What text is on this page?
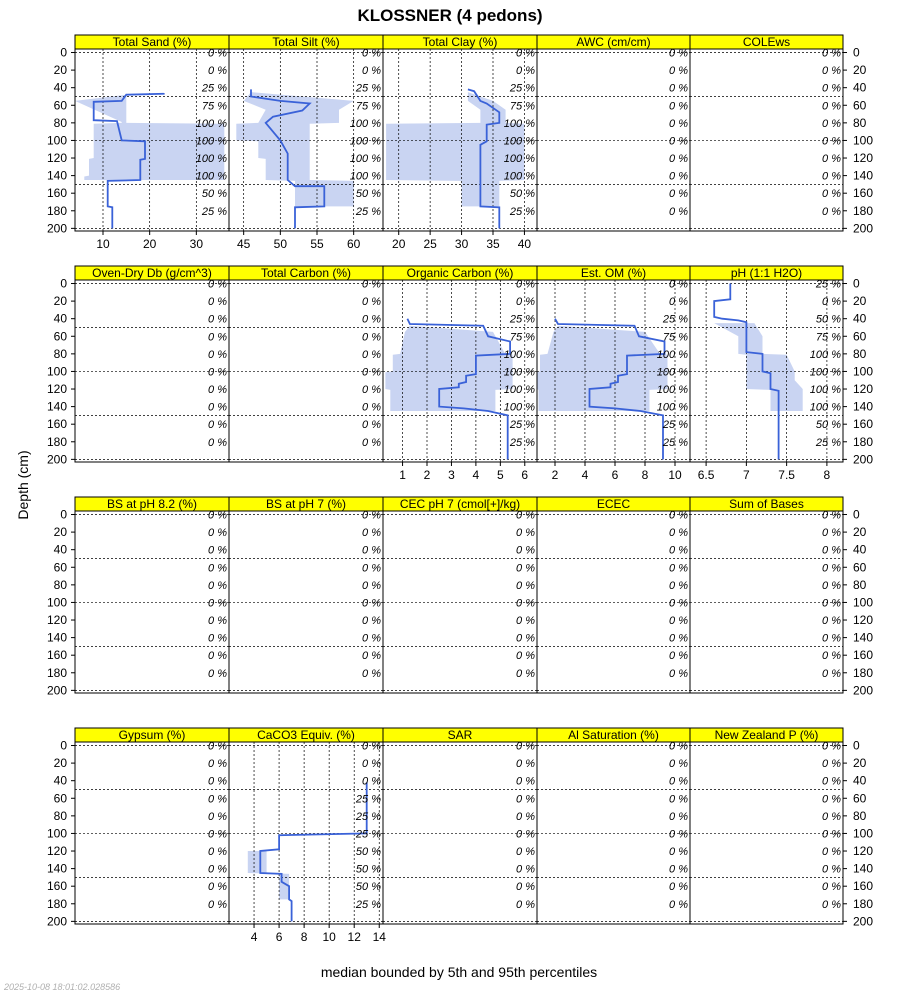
KLOSSNER (4 pedons)
Depth (cm)
median bounded by 5th and 95th percentiles
2025-10-08 18:01:02.028586
Total Sand (%)
0 %
0 %
25 %
75 %
100 %
100 %
100 %
100 %
50 %
25 %
10	20	30
0
20
40
60
80
100
120
140
160
180
200
Total Silt (%)
0 %
0 %
25 %
75 %
100 %
100 %
100 %
100 %
50 %
25 %
45 50 55 60
Total Clay (%)
0 %
0 %
25 %
75 %
100 %
100 %
100 %
100 %
50 %
25 %
20 25 30 35 40
AWC (cm/cm)
0 %
0 %
0 %
0 %
0 %
0 %
0 %
0 %
0 %
0 %
COLEws
0 %
0 %
0 %
0 %
0 %
0 %
0 %
0 %
0 %
0 %
0
20
40
60
80
100
120
140
160
180
200
Oven-Dry Db (g/cm^3)
0 %
0 %
0 %
0 %
0 %
0 %
0 %
0 %
0 %
0 %
0
20
40
60
80
100
120
140
160
180
200
Total Carbon (%)
0 %
0 %
0 %
0 %
0 %
0 %
0 %
0 %
0 %
0 %
Organic Carbon (%)
0 %
0 %
25 %
75 %
100 %
100 %
100 %
100 %
25 %
25 %
1 2 3 4 5 6
Est. OM (%)
0 %
0 %
25 %
75 %
100 %
100 %
100 %
100 %
25 %
25 %
2 4 6 8 10
pH (1:1 H2O)
25 %
0 %
50 %
75 %
100 %
100 %
100 %
100 %
50 %
25 %
6.5 7 7.5 8
0
20
40
60
80
100
120
140
160
180
200
BS at pH 8.2 (%)
0 %
0 %
0 %
0 %
0 %
0 %
0 %
0 %
0 %
0 %
0
20
40
60
80
100
120
140
160
180
200
BS at pH 7 (%)
0 %
0 %
0 %
0 %
0 %
0 %
0 %
0 %
0 %
0 %
CEC pH 7 (cmol[+]/kg)
0 %
0 %
0 %
0 %
0 %
0 %
0 %
0 %
0 %
0 %
ECEC
0 %
0 %
0 %
0 %
0 %
0 %
0 %
0 %
0 %
0 %
Sum of Bases
0 %
0 %
0 %
0 %
0 %
0 %
0 %
0 %
0 %
0 %
0
20
40
60
80
100
120
140
160
180
200
Gypsum (%)
0 %
0 %
0 %
0 %
0 %
0 %
0 %
0 %
0 %
0 %
0
20
40
60
80
100
120
140
160
180
200
CaCO3 Equiv. (%)
0 %
0 %
0 %
25 %
25 %
25 %
50 %
50 %
50 %
25 %
4 6 8 10 12 14
SAR
0 %
0 %
0 %
0 %
0 %
0 %
0 %
0 %
0 %
0 %
Al Saturation (%)
0 %
0 %
0 %
0 %
0 %
0 %
0 %
0 %
0 %
0 %
New Zealand P (%)
0 %
0 %
0 %
0 %
0 %
0 %
0 %
0 %
0 %
0 %
0
20
40
60
80
100
120
140
160
180
200
